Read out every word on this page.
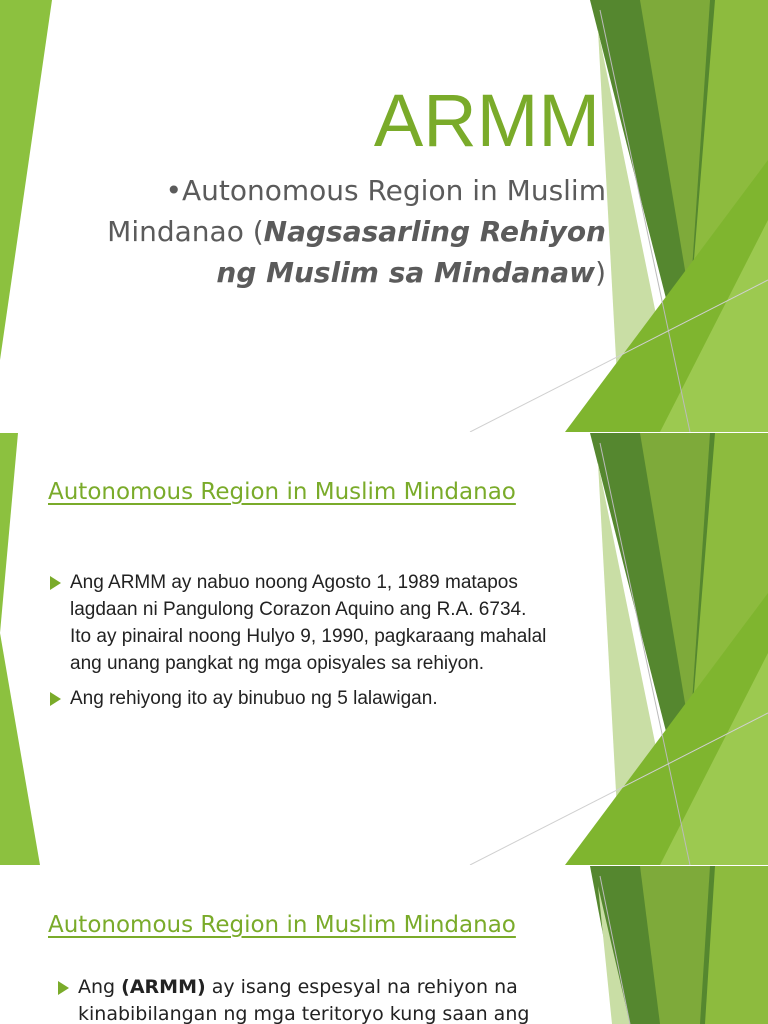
ARMM
•Autonomous Region in Muslim Mindanao (Nagsasarling Rehiyon ng Muslim sa Mindanaw)
Autonomous Region in Muslim Mindanao
Ang ARMM ay nabuo noong Agosto 1, 1989 matapos lagdaan ni Pangulong Corazon Aquino ang R.A. 6734. Ito ay pinairal noong Hulyo 9, 1990, pagkaraang mahalal ang unang pangkat ng mga opisyales sa rehiyon.
Ang rehiyong ito ay binubuo ng 5 lalawigan.
Autonomous Region in Muslim Mindanao
Ang (ARMM) ay isang espesyal na rehiyon na kinabibilangan ng mga teritoryo kung saan ang
